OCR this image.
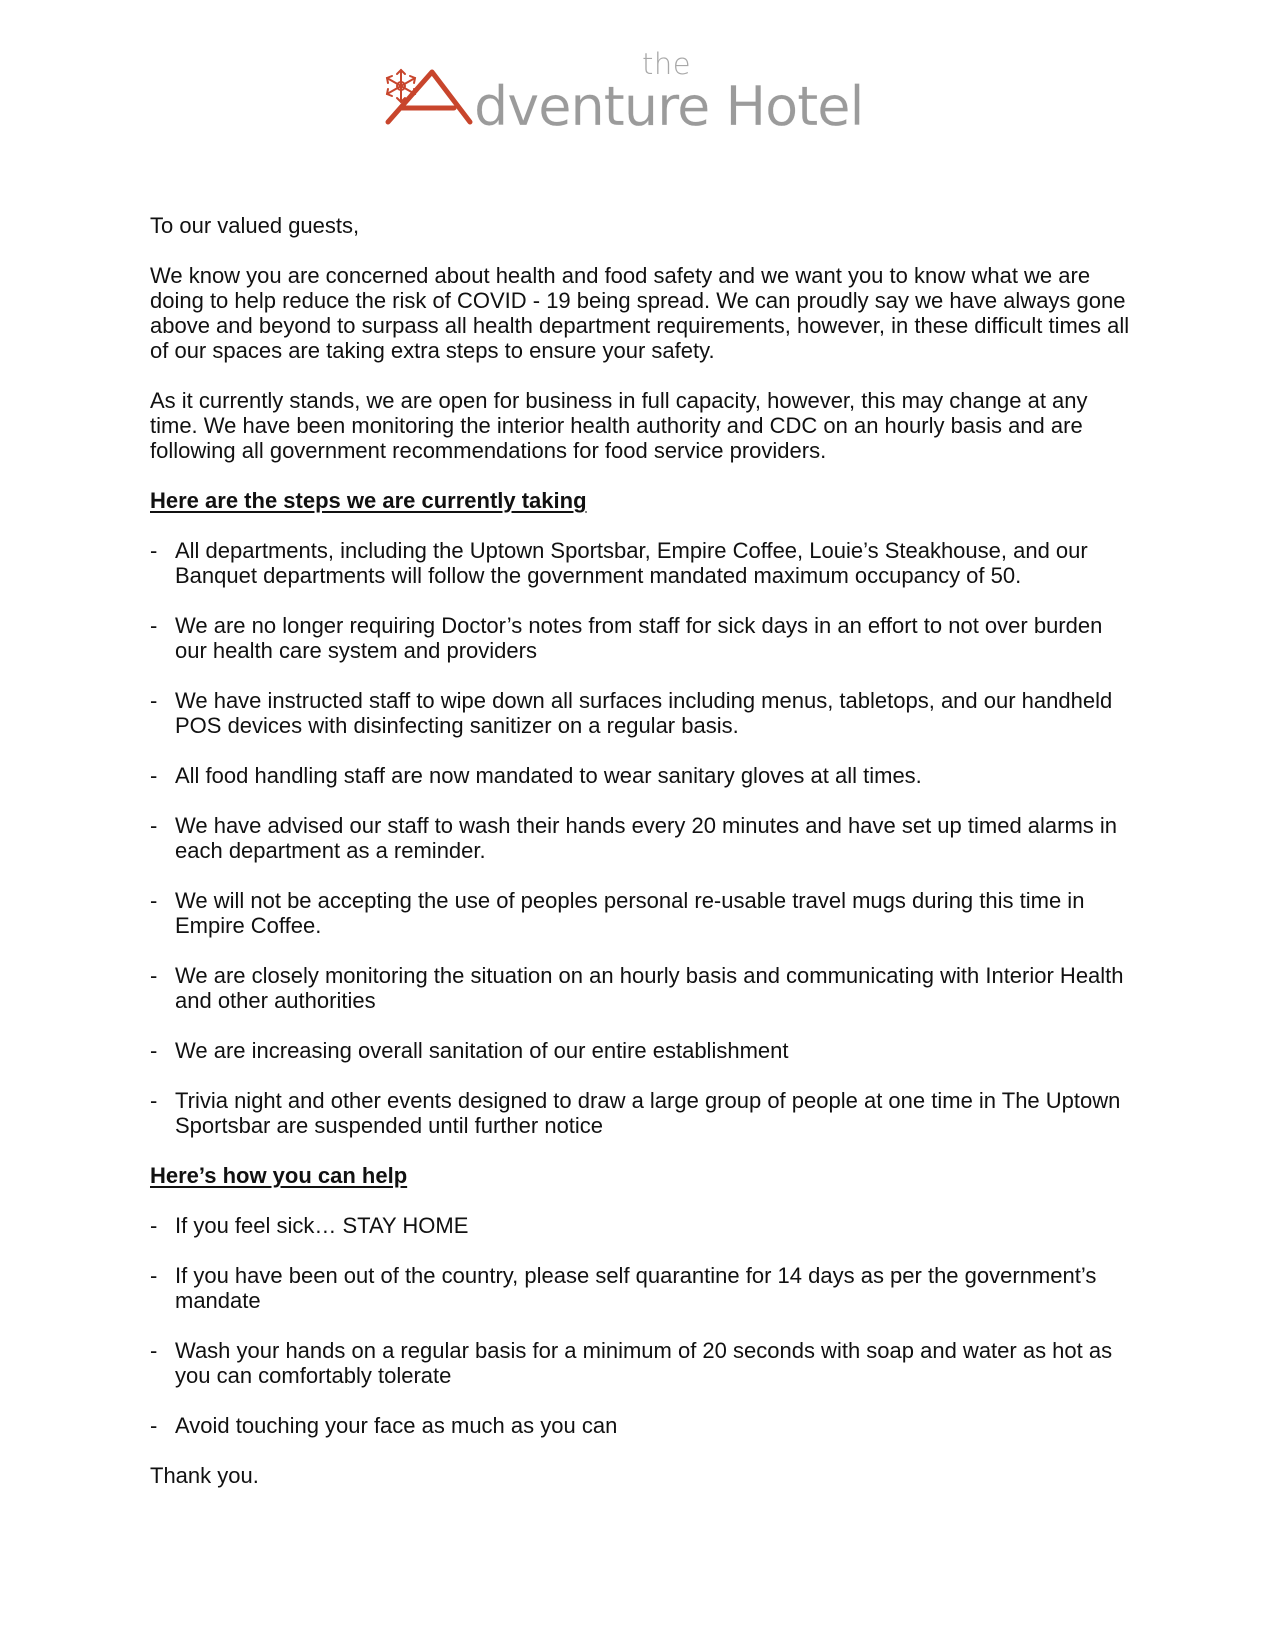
the
dventure Hotel

To our valued guests,

We know you are concerned about health and food safety and we want you to know what we are doing to help reduce the risk of COVID - 19 being spread. We can proudly say we have always gone above and beyond to surpass all health department requirements, however, in these difficult times all of our spaces are taking extra steps to ensure your safety.

As it currently stands, we are open for business in full capacity, however, this may change at any time. We have been monitoring the interior health authority and CDC on an hourly basis and are following all government recommendations for food service providers.

Here are the steps we are currently taking
- All departments, including the Uptown Sportsbar, Empire Coffee, Louie’s Steakhouse, and our Banquet departments will follow the government mandated maximum occupancy of 50.
- We are no longer requiring Doctor’s notes from staff for sick days in an effort to not over burden our health care system and providers
- We have instructed staff to wipe down all surfaces including menus, tabletops, and our handheld POS devices with disinfecting sanitizer on a regular basis.
- All food handling staff are now mandated to wear sanitary gloves at all times.
- We have advised our staff to wash their hands every 20 minutes and have set up timed alarms in each department as a reminder.
- We will not be accepting the use of peoples personal re-usable travel mugs during this time in Empire Coffee.
- We are closely monitoring the situation on an hourly basis and communicating with Interior Health and other authorities
- We are increasing overall sanitation of our entire establishment
- Trivia night and other events designed to draw a large group of people at one time in The Uptown Sportsbar are suspended until further notice
Here’s how you can help
- If you feel sick… STAY HOME
- If you have been out of the country, please self quarantine for 14 days as per the government’s mandate
- Wash your hands on a regular basis for a minimum of 20 seconds with soap and water as hot as you can comfortably tolerate
- Avoid touching your face as much as you can

Thank you.
